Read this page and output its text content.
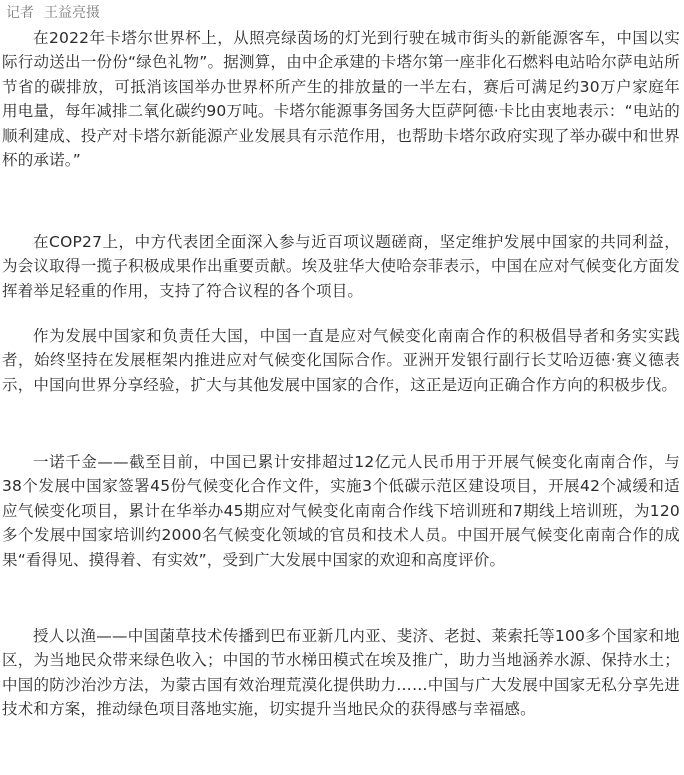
记者 王益亮摄

在2022年卡塔尔世界杯上，从照亮绿茵场的灯光到行驶在城市街头的新能源客车，中国以实际行动送出一份份“绿色礼物”。据测算，由中企承建的卡塔尔第一座非化石燃料电站哈尔萨电站所节省的碳排放，可抵消该国举办世界杯所产生的排放量的一半左右，赛后可满足约30万户家庭年用电量，每年减排二氧化碳约90万吨。卡塔尔能源事务国务大臣萨阿德·卡比由衷地表示：“电站的顺利建成、投产对卡塔尔新能源产业发展具有示范作用，也帮助卡塔尔政府实现了举办碳中和世界杯的承诺。”

在COP27上，中方代表团全面深入参与近百项议题磋商，坚定维护发展中国家的共同利益，为会议取得一揽子积极成果作出重要贡献。埃及驻华大使哈奈菲表示，中国在应对气候变化方面发挥着举足轻重的作用，支持了符合议程的各个项目。

作为发展中国家和负责任大国，中国一直是应对气候变化南南合作的积极倡导者和务实实践者，始终坚持在发展框架内推进应对气候变化国际合作。亚洲开发银行副行长艾哈迈德·赛义德表示，中国向世界分享经验，扩大与其他发展中国家的合作，这正是迈向正确合作方向的积极步伐。

一诺千金——截至目前，中国已累计安排超过12亿元人民币用于开展气候变化南南合作，与38个发展中国家签署45份气候变化合作文件，实施3个低碳示范区建设项目，开展42个减缓和适应气候变化项目，累计在华举办45期应对气候变化南南合作线下培训班和7期线上培训班，为120多个发展中国家培训约2000名气候变化领域的官员和技术人员。中国开展气候变化南南合作的成果“看得见、摸得着、有实效”，受到广大发展中国家的欢迎和高度评价。

授人以渔——中国菌草技术传播到巴布亚新几内亚、斐济、老挝、莱索托等100多个国家和地区，为当地民众带来绿色收入；中国的节水梯田模式在埃及推广，助力当地涵养水源、保持水土；中国的防沙治沙方法，为蒙古国有效治理荒漠化提供助力……中国与广大发展中国家无私分享先进技术和方案，推动绿色项目落地实施，切实提升当地民众的获得感与幸福感。
